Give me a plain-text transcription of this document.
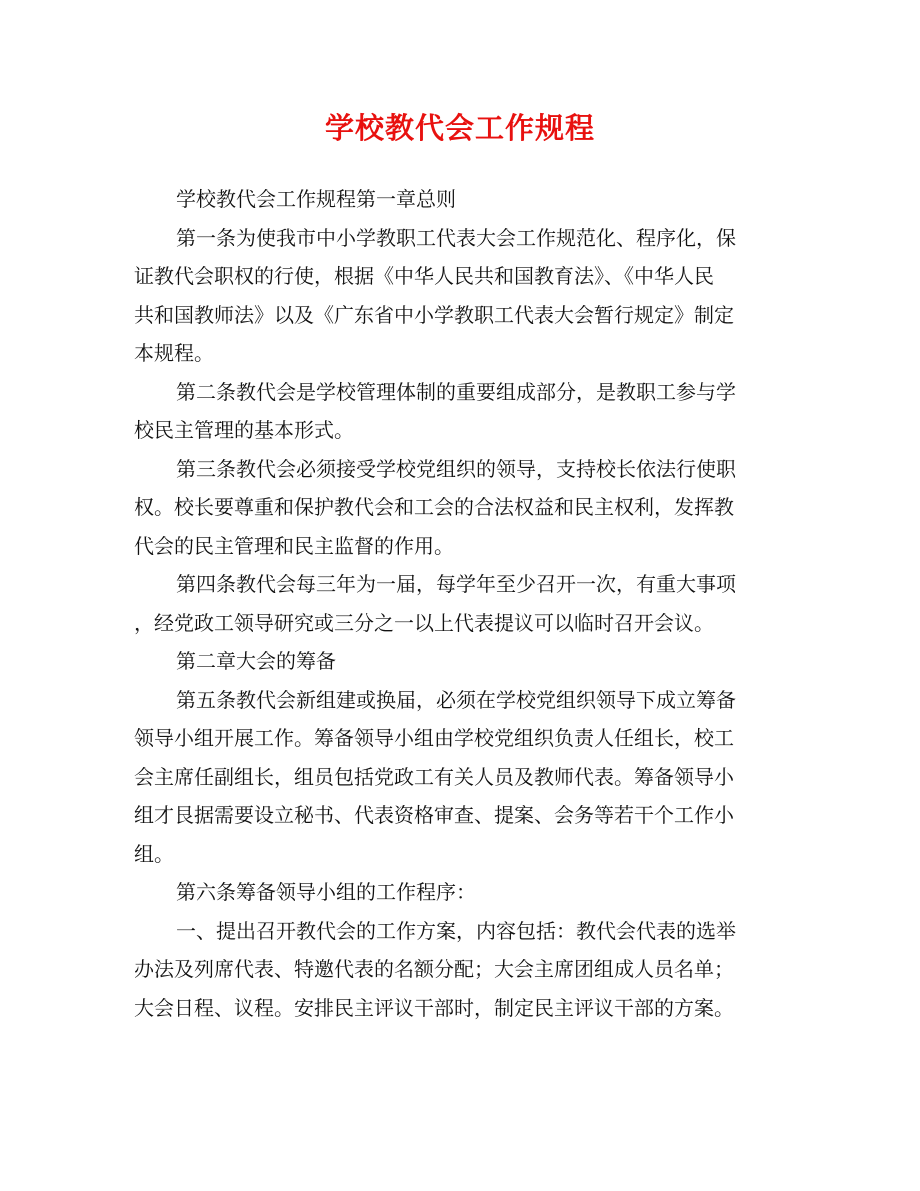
学校教代会工作规程
学校教代会工作规程第一章总则
第一条为使我市中小学教职工代表大会工作规范化、程序化，保
证教代会职权的行使，根据《中华人民共和国教育法》、《中华人民
共和国教师法》以及《广东省中小学教职工代表大会暂行规定》制定
本规程。
第二条教代会是学校管理体制的重要组成部分，是教职工参与学
校民主管理的基本形式。
第三条教代会必须接受学校党组织的领导，支持校长依法行使职
权。校长要尊重和保护教代会和工会的合法权益和民主权利，发挥教
代会的民主管理和民主监督的作用。
第四条教代会每三年为一届，每学年至少召开一次，有重大事项
，经党政工领导研究或三分之一以上代表提议可以临时召开会议。
第二章大会的筹备
第五条教代会新组建或换届，必须在学校党组织领导下成立筹备
领导小组开展工作。筹备领导小组由学校党组织负责人任组长，校工
会主席任副组长，组员包括党政工有关人员及教师代表。筹备领导小
组才艮据需要设立秘书、代表资格审查、提案、会务等若干个工作小
组。
第六条筹备领导小组的工作程序：
一、提出召开教代会的工作方案，内容包括：教代会代表的选举
办法及列席代表、特邀代表的名额分配；大会主席团组成人员名单；
大会日程、议程。安排民主评议干部时，制定民主评议干部的方案。
